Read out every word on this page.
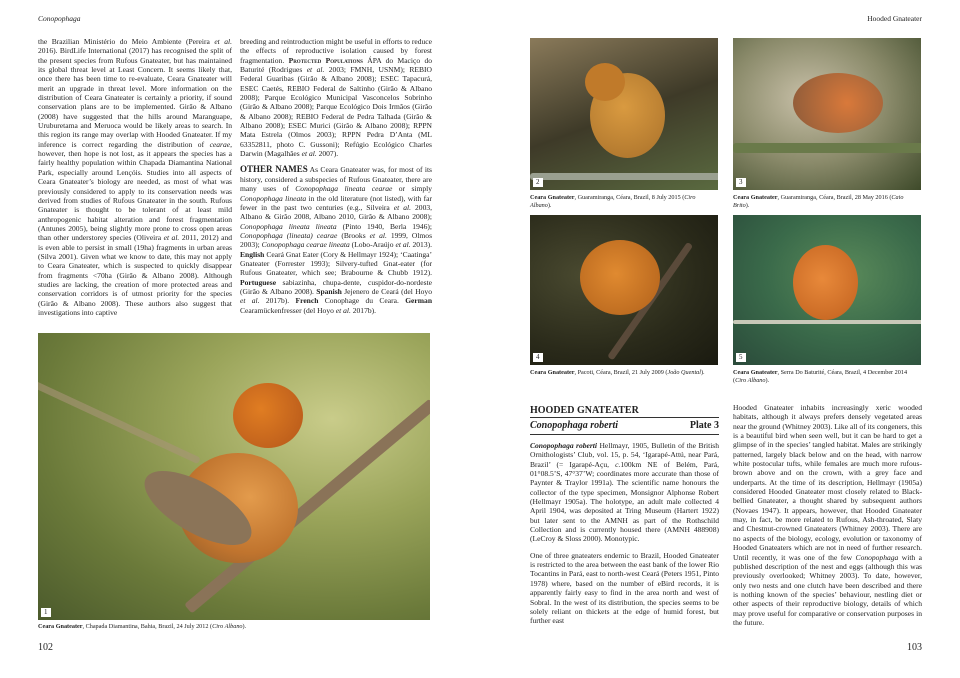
Conopophaga

the Brazilian Ministério do Meio Ambiente (Pereira et al. 2016). BirdLife International (2017) has recognised the split of the present species from Rufous Gnateater, but has maintained its global threat level at Least Concern. It seems likely that, once there has been time to re-evaluate, Ceara Gnateater will merit an upgrade in threat level. More information on the distribution of Ceara Gnateater is certainly a priority, if sound conservation plans are to be implemented. Girão & Albano (2008) have suggested that the hills around Maranguape, Uruburetama and Meruoca would be likely areas to search. In this region its range may overlap with Hooded Gnateater. If my inference is correct regarding the distribution of cearae, however, then hope is not lost, as it appears the species has a fairly healthy population within Chapada Diamantina National Park, especially around Lençóis. Studies into all aspects of Ceara Gnateater’s biology are needed, as most of what was previously considered to apply to its conservation needs was derived from studies of Rufous Gnateater in the south. Rufous Gnateater is thought to be tolerant of at least mild anthropogenic habitat alteration and forest fragmentation (Antunes 2005), being slightly more prone to cross open areas than other understorey species (Oliveira et al. 2011, 2012) and is even able to persist in small (19ha) fragments in urban areas (Silva 2001). Given what we know to date, this may not apply to Ceara Gnateater, which is suspected to quickly disappear from fragments <70ha (Girão & Albano 2008). Although studies are lacking, the creation of more protected areas and conservation corridors is of utmost priority for the species (Girão & Albano 2008). These authors also suggest that investigations into captive

breeding and reintroduction might be useful in efforts to reduce the effects of reproductive isolation caused by forest fragmentation. Protected Populations ÁPA do Maciço do Baturité (Rodrigues et al. 2003; FMNH, USNM); REBIO Federal Guaribas (Girão & Albano 2008); ESEC Tapacurá, ESEC Caetés, REBIO Federal de Saltinho (Girão & Albano 2008); Parque Ecológico Municipal Vasconcelos Sobrinho (Girão & Albano 2008); Parque Ecológico Dois Irmãos (Girão & Albano 2008); REBIO Federal de Pedra Talhada (Girão & Albano 2008); ESEC Murici (Girão & Albano 2008); RPPN Mata Estrela (Olmos 2003); RPPN Pedra D’Anta (ML 63352811, photo C. Gussoni); Refúgio Ecológico Charles Darwin (Magalhães et al. 2007).

OTHER NAMES As Ceara Gnateater was, for most of its history, considered a subspecies of Rufous Gnateater, there are many uses of Conopophaga lineata cearae or simply Conopophaga lineata in the old literature (not listed), with far fewer in the past two centuries (e.g., Silveira et al. 2003, Albano & Girão 2008, Albano 2010, Girão & Albano 2008); Conopophaga lineata lineata (Pinto 1940, Berla 1946); Conopophaga (lineata) cearae (Brooks et al. 1999, Olmos 2003); Conopophaga cearae lineata (Lobo-Araújo et al. 2013). English Ceará Gnat Eater (Cory & Hellmayr 1924); ‘Caatinga’ Gnateater (Forrester 1993); Silvery-tufted Gnat-eater (for Rufous Gnateater, which see; Brabourne & Chubb 1912). Portuguese sabiazinha, chupa-dente, cuspidor-do-nordeste (Girão & Albano 2008). Spanish Jejenero de Ceará (del Hoyo et al. 2017b). French Conophage du Ceara. German Cearamückenfresser (del Hoyo et al. 2017b).

1
Ceara Gnateater, Chapada Diamantina, Bahia, Brazil, 24 July 2012 (Ciro Albano).
102
Hooded Gnateater
2	3
Ceara Gnateater, Guaramiranga, Céara, Brazil, 8 July 2015 (Ciro Albano).
Ceara Gnateater, Guaramiranga, Céara, Brazil, 28 May 2016 (Caio Brito).
4	5
Ceara Gnateater, Pacoti, Céara, Brazil, 21 July 2009 (João Quental).	Ceara Gnateater, Serra Do Baturité, Céara, Brazil, 4 December 2014 (Ciro Albano).
HOODED GNATEATER
Conopophaga roberti	Plate 3

Conopophaga roberti Hellmayr, 1905, Bulletin of the British Ornithologists’ Club, vol. 15, p. 54, ‘Igarapé-Attú, near Pará, Brazil’ (= Igarapé-Açu, c.100km NE of Belém, Pará, 01°08.5’S, 47°37’W; coordinates more accurate than those of Paynter & Traylor 1991a). The scientific name honours the collector of the type specimen, Monsignor Alphonse Robert (Hellmayr 1905a). The holotype, an adult male collected 4 April 1904, was deposited at Tring Museum (Hartert 1922) but later sent to the AMNH as part of the Rothschild Collection and is currently housed there (AMNH 488908) (LeCroy & Sloss 2000). Monotypic.

One of three gnateaters endemic to Brazil, Hooded Gnateater is restricted to the area between the east bank of the lower Rio Tocantins in Pará, east to north-west Ceará (Peters 1951, Pinto 1978) where, based on the number of eBird records, it is apparently fairly easy to find in the area north and west of Sobral. In the west of its distribution, the species seems to be solely reliant on thickets at the edge of humid forest, but further east

Hooded Gnateater inhabits increasingly xeric wooded habitats, although it always prefers densely vegetated areas near the ground (Whitney 2003). Like all of its congeners, this is a beautiful bird when seen well, but it can be hard to get a glimpse of in the species’ tangled habitat. Males are strikingly patterned, largely black below and on the head, with narrow white postocular tufts, while females are much more rufous-brown above and on the crown, with a grey face and underparts. At the time of its description, Hellmayr (1905a) considered Hooded Gnateater most closely related to Black-bellied Gnateater, a thought shared by subsequent authors (Novaes 1947). It appears, however, that Hooded Gnateater may, in fact, be more related to Rufous, Ash-throated, Slaty and Chestnut-crowned Gnateaters (Whitney 2003). There are no aspects of the biology, ecology, evolution or taxonomy of Hooded Gnateaters which are not in need of further research. Until recently, it was one of the few Conopophaga with a published description of the nest and eggs (although this was previously overlooked; Whitney 2003). To date, however, only two nests and one clutch have been described and there is nothing known of the species’ behaviour, nestling diet or other aspects of their reproductive biology, details of which may prove useful for comparative or conservation purposes in the future.

103
